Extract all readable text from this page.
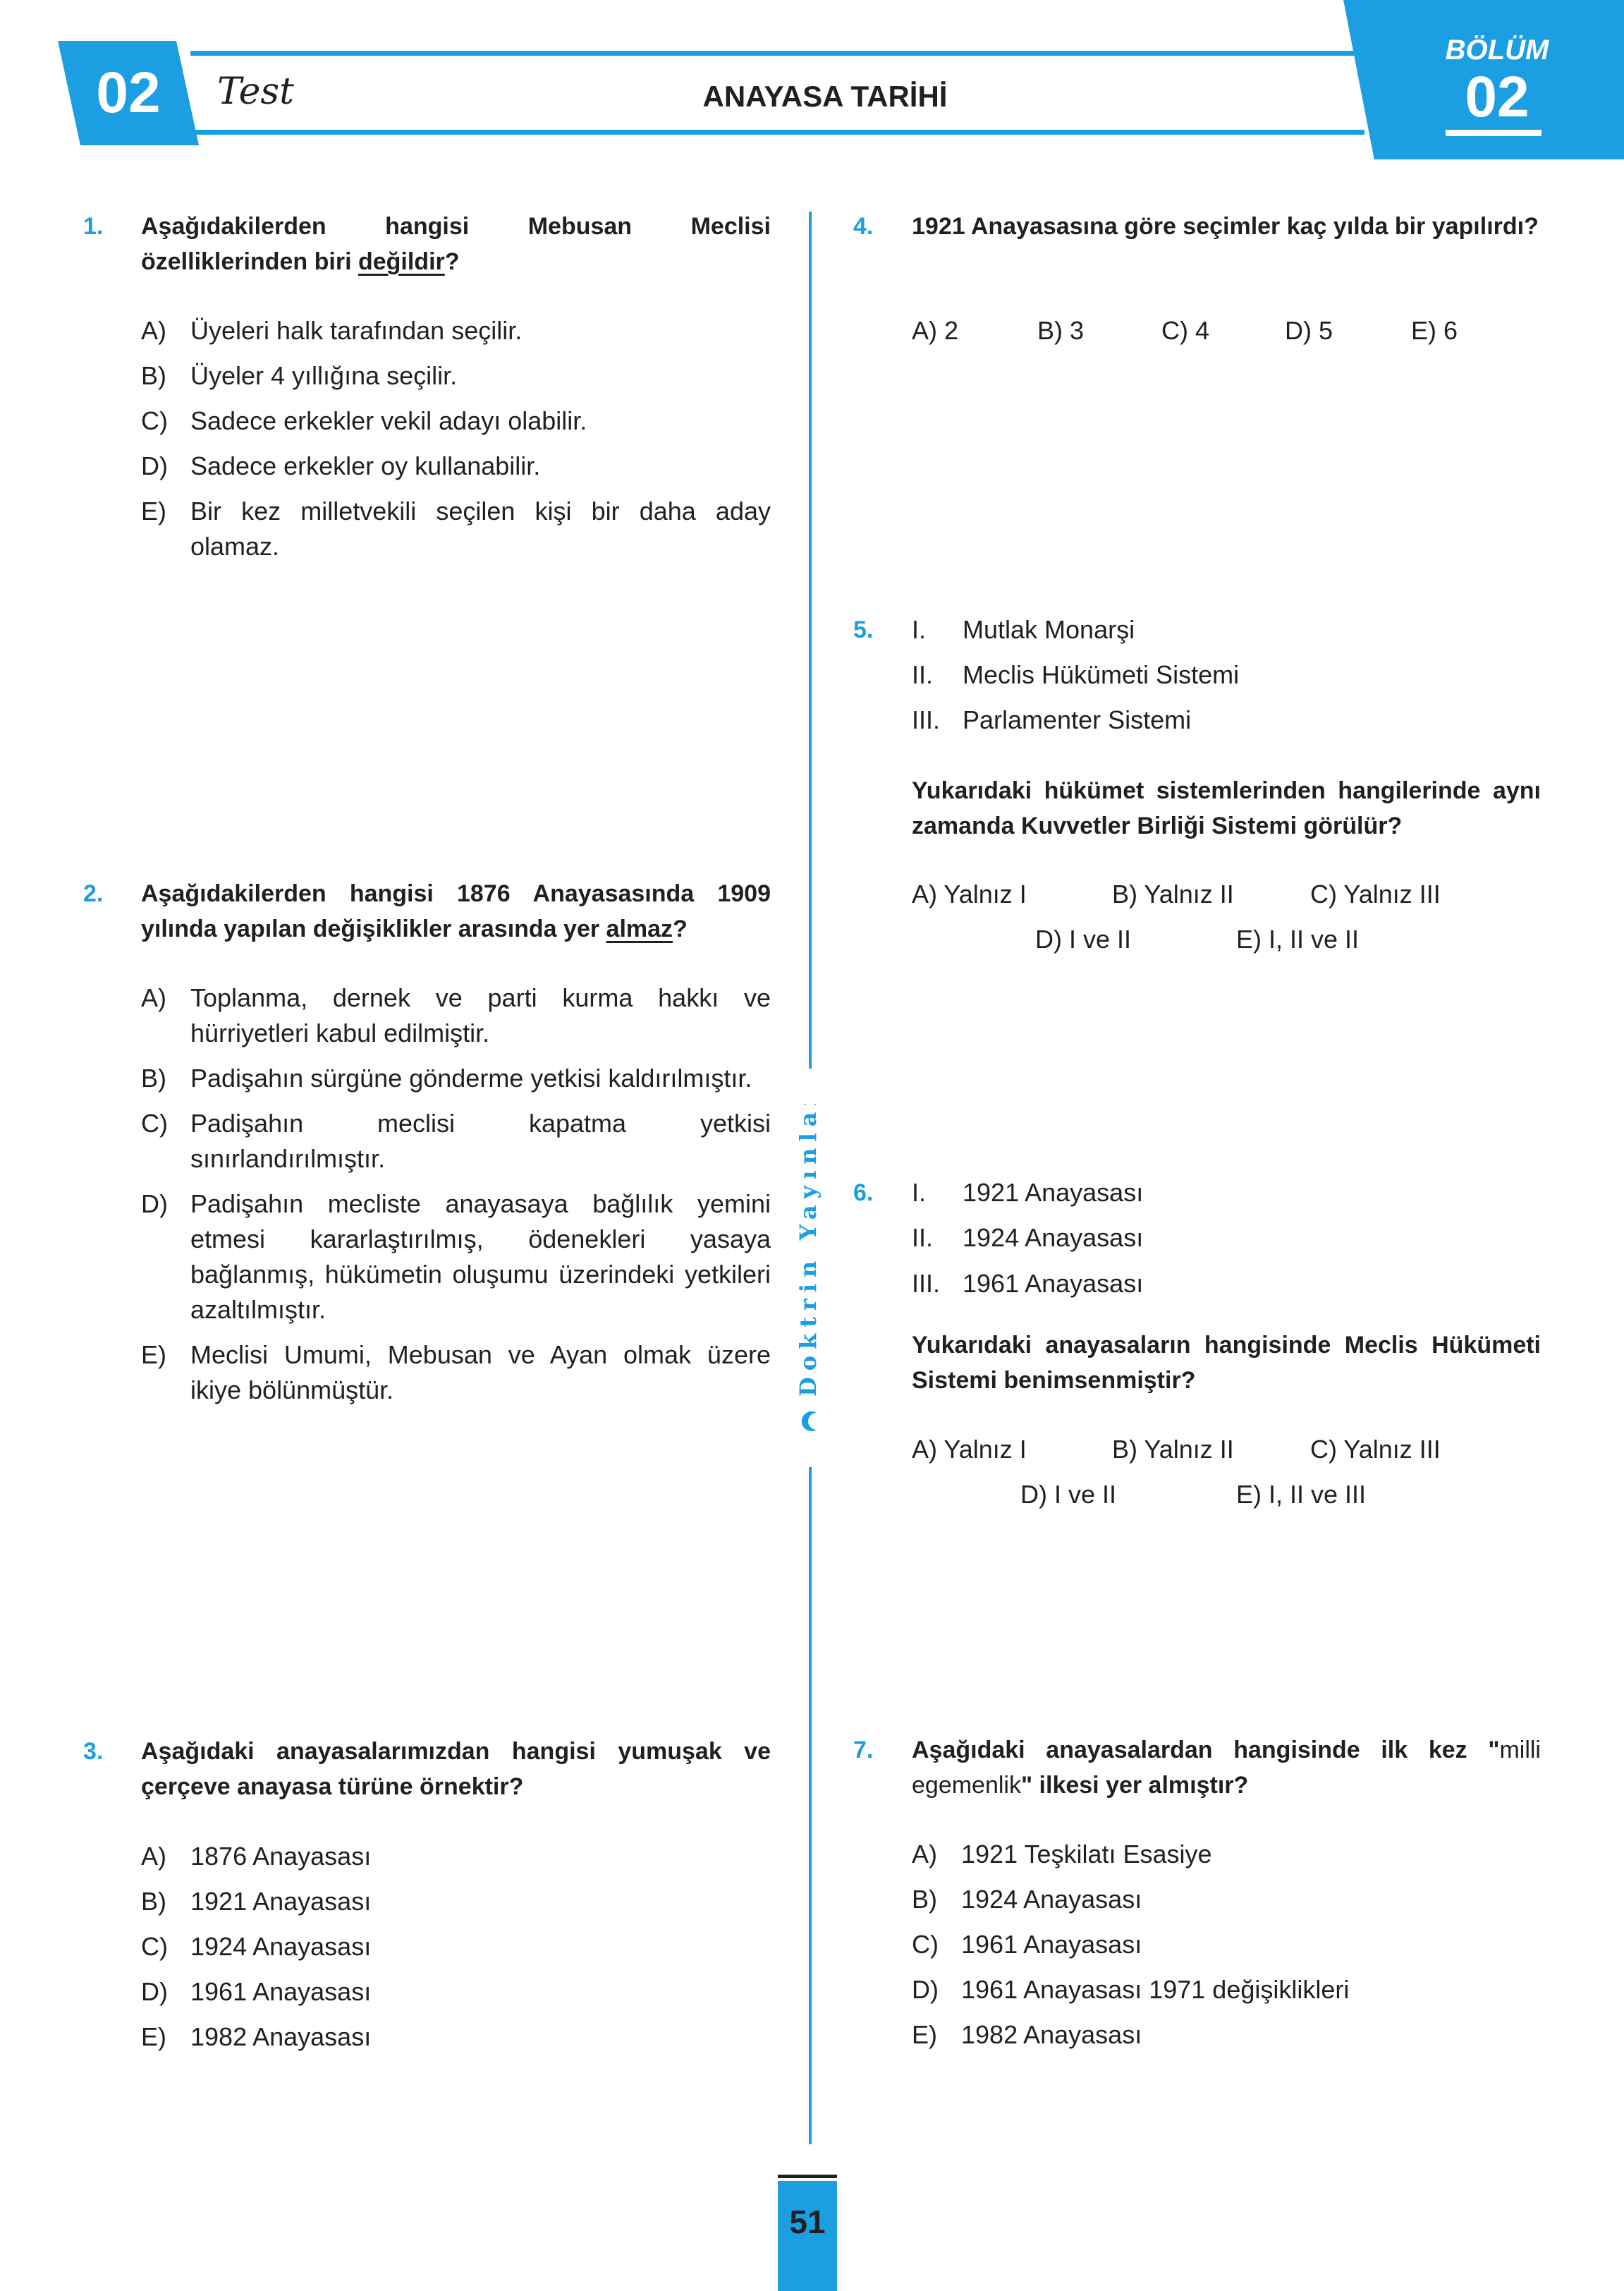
02	Test	ANAYASA TARİHİ
BÖLÜM
02
Doktrin Yayınları
1. Aşağıdakilerden hangisi Mebusan Meclisi özelliklerinden biri değildir?
A) Üyeleri halk tarafından seçilir.
B) Üyeler 4 yıllığına seçilir.
C) Sadece erkekler vekil adayı olabilir.
D) Sadece erkekler oy kullanabilir.
E) Bir kez milletvekili seçilen kişi bir daha aday olamaz.
2. Aşağıdakilerden hangisi 1876 Anayasasında 1909 yılında yapılan değişiklikler arasında yer almaz?
A) Toplanma, dernek ve parti kurma hakkı ve hürriyetleri kabul edilmiştir.
B) Padişahın sürgüne gönderme yetkisi kaldırılmıştır.
C) Padişahın meclisi kapatma yetkisi sınırlandırılmıştır.
D) Padişahın mecliste anayasaya bağlılık yemini etmesi kararlaştırılmış, ödenekleri yasaya bağlanmış, hükümetin oluşumu üzerindeki yetkileri azaltılmıştır.
E) Meclisi Umumi, Mebusan ve Ayan olmak üzere ikiye bölünmüştür.
3. Aşağıdaki anayasalarımızdan hangisi yumuşak ve çerçeve anayasa türüne örnektir?
A) 1876 Anayasası
B) 1921 Anayasası
C) 1924 Anayasası
D) 1961 Anayasası
E) 1982 Anayasası
4. 1921 Anayasasına göre seçimler kaç yılda bir yapılırdı?
A) 2	B) 3	C) 4	D) 5	E) 6
5. I. Mutlak Monarşi
II. Meclis Hükümeti Sistemi
III. Parlamenter Sistemi
Yukarıdaki hükümet sistemlerinden hangilerinde aynı zamanda Kuvvetler Birliği Sistemi görülür?
A) Yalnız I	B) Yalnız II	C) Yalnız III
D) I ve II	E) I, II ve II
6. I. 1921 Anayasası
II. 1924 Anayasası
III. 1961 Anayasası
Yukarıdaki anayasaların hangisinde Meclis Hükümeti Sistemi benimsenmiştir?
A) Yalnız I	B) Yalnız II	C) Yalnız III
D) I ve II	E) I, II ve III
7. Aşağıdaki anayasalardan hangisinde ilk kez "milli egemenlik" ilkesi yer almıştır?
A) 1921 Teşkilatı Esasiye
B) 1924 Anayasası
C) 1961 Anayasası
D) 1961 Anayasası 1971 değişiklikleri
E) 1982 Anayasası
51
